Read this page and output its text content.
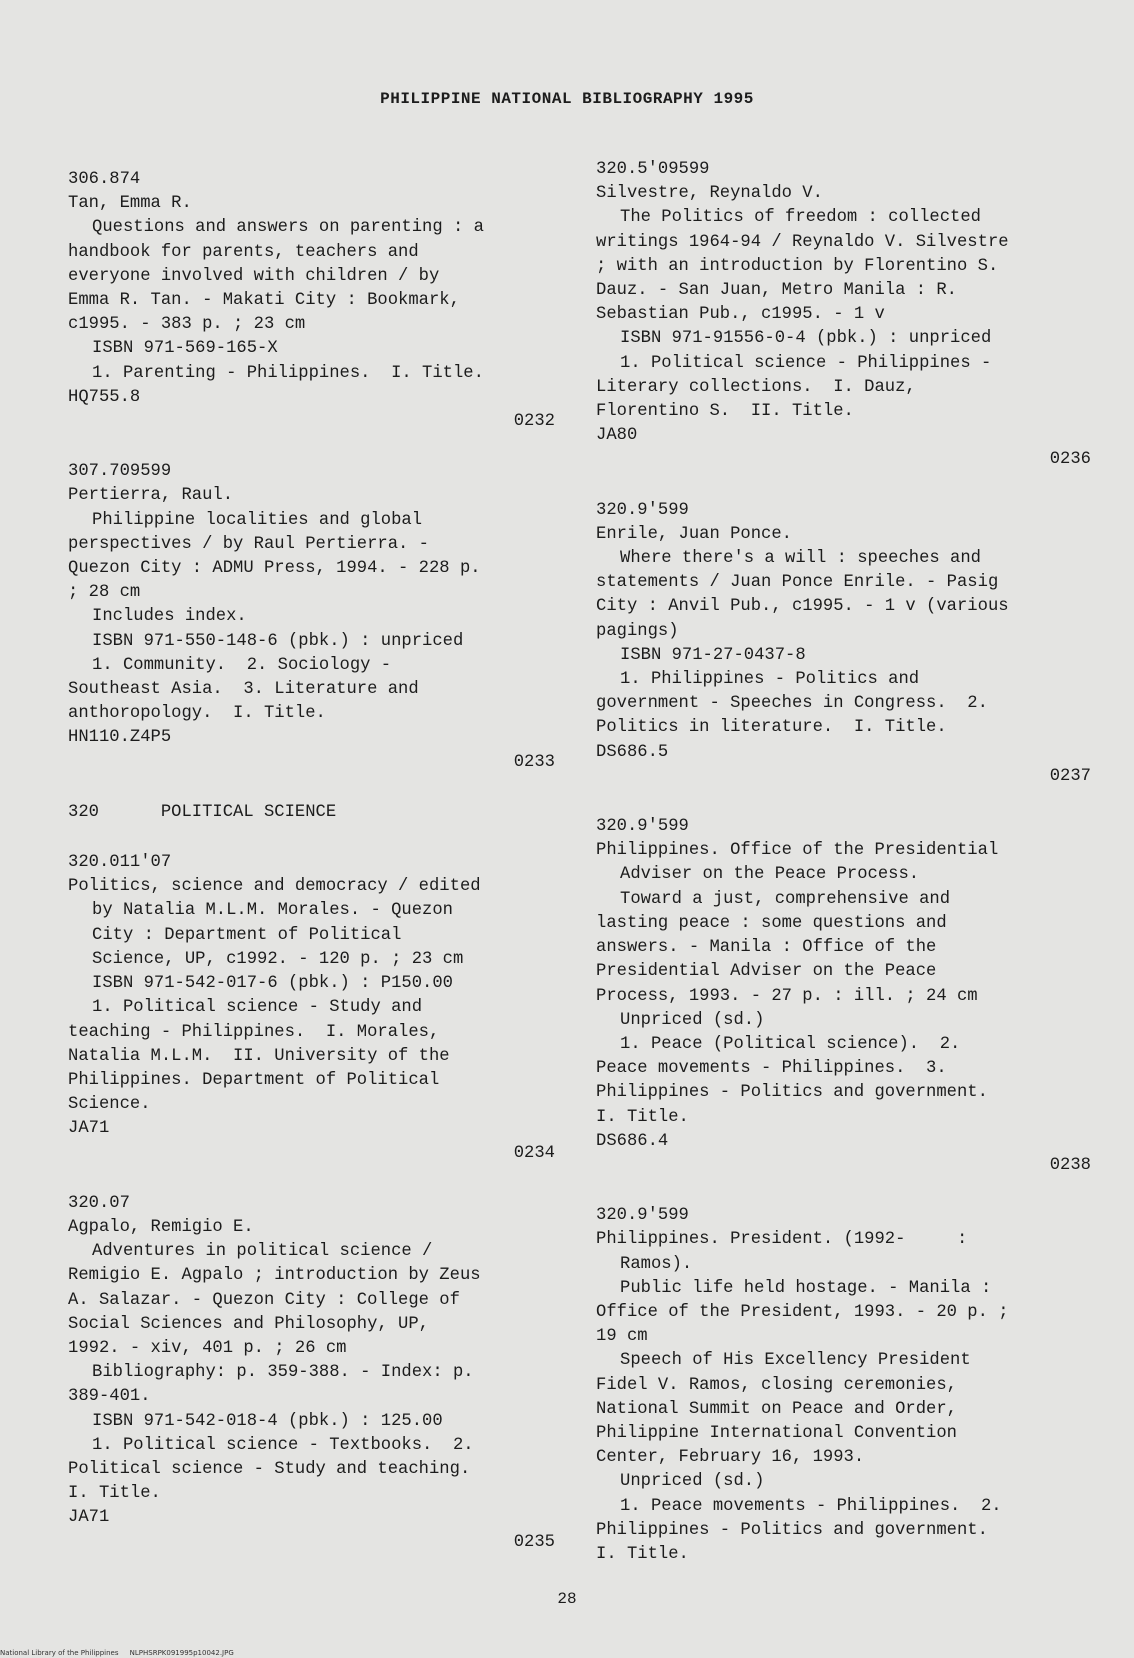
PHILIPPINE NATIONAL BIBLIOGRAPHY 1995
306.874
Tan, Emma R.
Questions and answers on parenting : a
handbook for parents, teachers and
everyone involved with children / by
Emma R. Tan. - Makati City : Bookmark,
c1995. - 383 p. ; 23 cm
ISBN 971-569-165-X
1. Parenting - Philippines.  I. Title.
HQ755.8
0232
307.709599
Pertierra, Raul.
Philippine localities and global
perspectives / by Raul Pertierra. -
Quezon City : ADMU Press, 1994. - 228 p.
; 28 cm
Includes index.
ISBN 971-550-148-6 (pbk.) : unpriced
1. Community.  2. Sociology -
Southeast Asia.  3. Literature and
anthoropology.  I. Title.
HN110.Z4P5
0233
320	POLITICAL SCIENCE
320.011'07
Politics, science and democracy / edited
by Natalia M.L.M. Morales. - Quezon
City : Department of Political
Science, UP, c1992. - 120 p. ; 23 cm
ISBN 971-542-017-6 (pbk.) : P150.00
1. Political science - Study and
teaching - Philippines.  I. Morales,
Natalia M.L.M.  II. University of the
Philippines. Department of Political
Science.
JA71
0234
320.07
Agpalo, Remigio E.
Adventures in political science /
Remigio E. Agpalo ; introduction by Zeus
A. Salazar. - Quezon City : College of
Social Sciences and Philosophy, UP,
1992. - xiv, 401 p. ; 26 cm
Bibliography: p. 359-388. - Index: p.
389-401.
ISBN 971-542-018-4 (pbk.) : 125.00
1. Political science - Textbooks.  2.
Political science - Study and teaching.
I. Title.
JA71
0235
320.5'09599
Silvestre, Reynaldo V.
The Politics of freedom : collected
writings 1964-94 / Reynaldo V. Silvestre
; with an introduction by Florentino S.
Dauz. - San Juan, Metro Manila : R.
Sebastian Pub., c1995. - 1 v
ISBN 971-91556-0-4 (pbk.) : unpriced
1. Political science - Philippines -
Literary collections.  I. Dauz,
Florentino S.  II. Title.
JA80
0236
320.9'599
Enrile, Juan Ponce.
Where there's a will : speeches and
statements / Juan Ponce Enrile. - Pasig
City : Anvil Pub., c1995. - 1 v (various
pagings)
ISBN 971-27-0437-8
1. Philippines - Politics and
government - Speeches in Congress.  2.
Politics in literature.  I. Title.
DS686.5
0237
320.9'599
Philippines. Office of the Presidential
Adviser on the Peace Process.
Toward a just, comprehensive and
lasting peace : some questions and
answers. - Manila : Office of the
Presidential Adviser on the Peace
Process, 1993. - 27 p. : ill. ; 24 cm
Unpriced (sd.)
1. Peace (Political science).  2.
Peace movements - Philippines.  3.
Philippines - Politics and government.
I. Title.
DS686.4
0238
320.9'599
Philippines. President. (1992-     :
Ramos).
Public life held hostage. - Manila :
Office of the President, 1993. - 20 p. ;
19 cm
Speech of His Excellency President
Fidel V. Ramos, closing ceremonies,
National Summit on Peace and Order,
Philippine International Convention
Center, February 16, 1993.
Unpriced (sd.)
1. Peace movements - Philippines.  2.
Philippines - Politics and government.
I. Title.
28
National Library of the Philippines NLPHSRPK091995p10042.JPG
